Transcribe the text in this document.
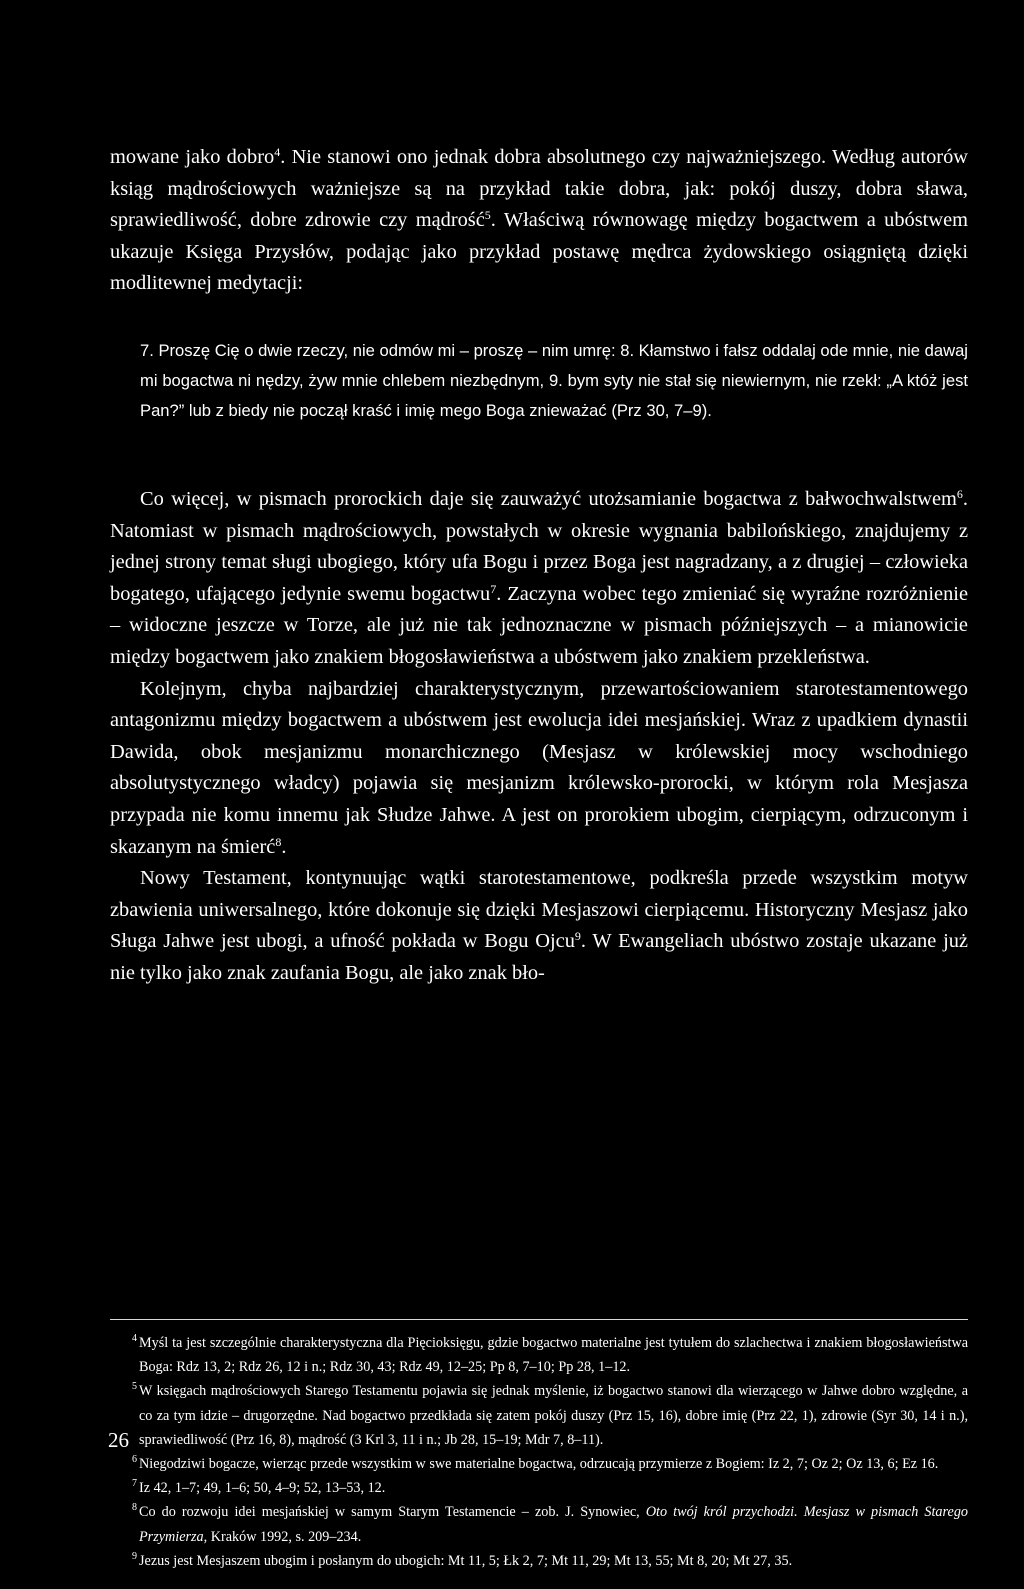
mowane jako dobro$^4$. Nie stanowi ono jednak dobra absolutnego czy najważniejszego. Według autorów ksiąg mądrościowych ważniejsze są na przykład takie dobra, jak: pokój duszy, dobra sława, sprawiedliwość, dobre zdrowie czy mądrość$^5$. Właściwą równowagę między bogactwem a ubóstwem ukazuje Księga Przysłów, podając jako przykład postawę mędrca żydowskiego osiągniętą dzięki modlitewnej medytacji:

7. Proszę Cię o dwie rzeczy, nie odmów mi – proszę – nim umrę: 8. Kłamstwo i fałsz oddalaj ode mnie, nie dawaj mi bogactwa ni nędzy, żyw mnie chlebem niezbędnym, 9. bym syty nie stał się niewiernym, nie rzekł: „A któż jest Pan?” lub z biedy nie począł kraść i imię mego Boga znieważać (Prz 30, 7–9).

Co więcej, w pismach prorockich daje się zauważyć utożsamianie bogactwa z bałwochwalstwem$^6$. Natomiast w pismach mądrościowych, powstałych w okresie wygnania babilońskiego, znajdujemy z jednej strony temat sługi ubogiego, który ufa Bogu i przez Boga jest nagradzany, a z drugiej – człowieka bogatego, ufającego jedynie swemu bogactwu$^7$. Zaczyna wobec tego zmieniać się wyraźne rozróżnienie – widoczne jeszcze w Torze, ale już nie tak jednoznaczne w pismach późniejszych – a mianowicie między bogactwem jako znakiem błogosławieństwa a ubóstwem jako znakiem przekleństwa.

Kolejnym, chyba najbardziej charakterystycznym, przewartościowaniem starotestamentowego antagonizmu między bogactwem a ubóstwem jest ewolucja idei mesjańskiej. Wraz z upadkiem dynastii Dawida, obok mesjanizmu monarchicznego (Mesjasz w królewskiej mocy wschodniego absolutystycznego władcy) pojawia się mesjanizm królewsko-prorocki, w którym rola Mesjasza przypada nie komu innemu jak Słudze Jahwe. A jest on prorokiem ubogim, cierpiącym, odrzuconym i skazanym na śmierć$^8$.

Nowy Testament, kontynuując wątki starotestamentowe, podkreśla przede wszystkim motyw zbawienia uniwersalnego, które dokonuje się dzięki Mesjaszowi cierpiącemu. Historyczny Mesjasz jako Sługa Jahwe jest ubogi, a ufność pokłada w Bogu Ojcu$^9$. W Ewangeliach ubóstwo zostaje ukazane już nie tylko jako znak zaufania Bogu, ale jako znak bło-

4 Myśl ta jest szczególnie charakterystyczna dla Pięcioksięgu, gdzie bogactwo materialne jest tytułem do szlachectwa i znakiem błogosławieństwa Boga: Rdz 13, 2; Rdz 26, 12 i n.; Rdz 30, 43; Rdz 49, 12–25; Pp 8, 7–10; Pp 28, 1–12.

5 W księgach mądrościowych Starego Testamentu pojawia się jednak myślenie, iż bogactwo stanowi dla wierzącego w Jahwe dobro względne, a co za tym idzie – drugorzędne. Nad bogactwo przedkłada się zatem pokój duszy (Prz 15, 16), dobre imię (Prz 22, 1), zdrowie (Syr 30, 14 i n.), sprawiedliwość (Prz 16, 8), mądrość (3 Krl 3, 11 i n.; Jb 28, 15–19; Mdr 7, 8–11).

6 Niegodziwi bogacze, wierząc przede wszystkim w swe materialne bogactwa, odrzucają przymierze z Bogiem: Iz 2, 7; Oz 2; Oz 13, 6; Ez 16.

7 Iz 42, 1–7; 49, 1–6; 50, 4–9; 52, 13–53, 12.

8 Co do rozwoju idei mesjańskiej w samym Starym Testamencie – zob. J. Synowiec, Oto twój król przychodzi. Mesjasz w pismach Starego Przymierza, Kraków 1992, s. 209–234.

9 Jezus jest Mesjaszem ubogim i posłanym do ubogich: Mt 11, 5; Łk 2, 7; Mt 11, 29; Mt 13, 55; Mt 8, 20; Mt 27, 35.

26
